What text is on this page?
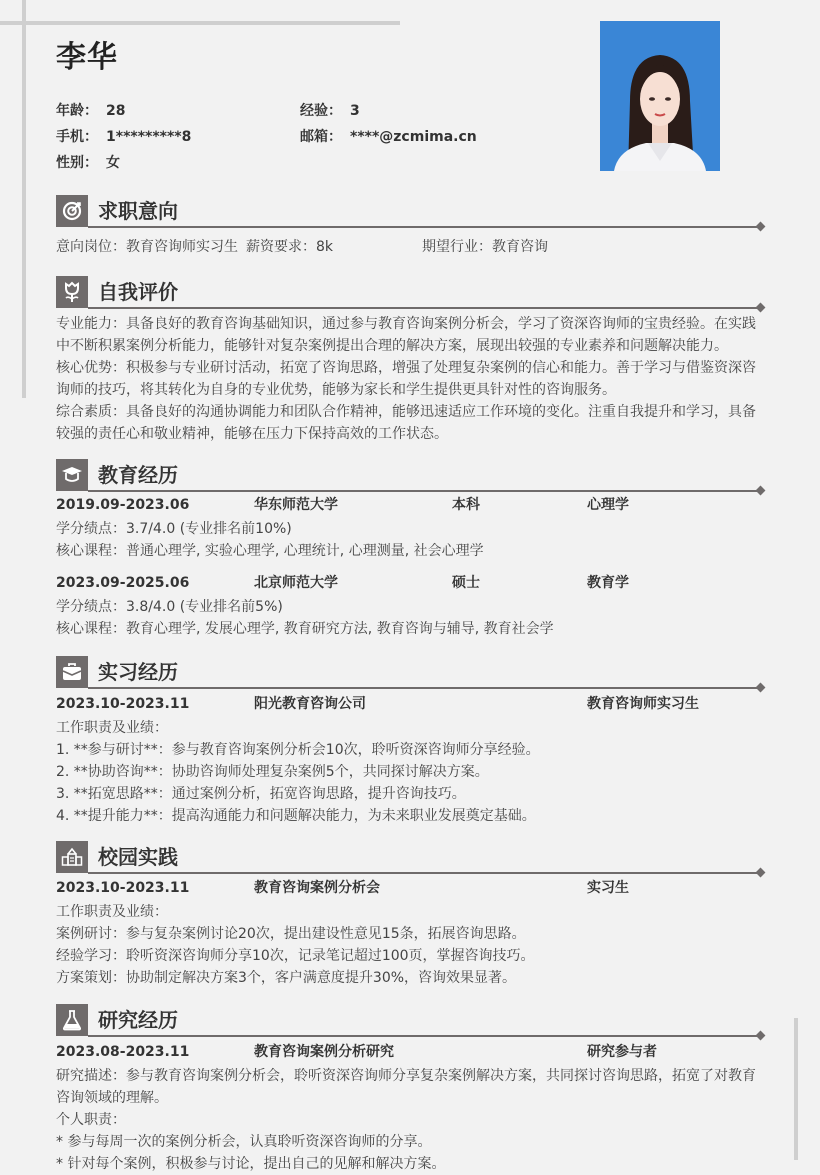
李华
年龄： 28	经验： 3
手机： 1*********8	邮箱： ****@zcmima.cn
性别： 女
求职意向
意向岗位：教育咨询师实习生 薪资要求：8k	期望行业：教育咨询
自我评价

专业能力：具备良好的教育咨询基础知识，通过参与教育咨询案例分析会，学习了资深咨询师的宝贵经验。在实践

中不断积累案例分析能力，能够针对复杂案例提出合理的解决方案，展现出较强的专业素养和问题解决能力。

核心优势：积极参与专业研讨活动，拓宽了咨询思路，增强了处理复杂案例的信心和能力。善于学习与借鉴资深咨

询师的技巧，将其转化为自身的专业优势，能够为家长和学生提供更具针对性的咨询服务。

综合素质：具备良好的沟通协调能力和团队合作精神，能够迅速适应工作环境的变化。注重自我提升和学习，具备

较强的责任心和敬业精神，能够在压力下保持高效的工作状态。

教育经历
2019.09-2023.06	华东师范大学	本科	心理学

学分绩点：3.7/4.0 (专业排名前10%)

核心课程：普通心理学, 实验心理学, 心理统计, 心理测量, 社会心理学

2023.09-2025.06	北京师范大学	硕士	教育学

学分绩点：3.8/4.0 (专业排名前5%)

核心课程：教育心理学, 发展心理学, 教育研究方法, 教育咨询与辅导, 教育社会学

实习经历
2023.10-2023.11	阳光教育咨询公司	教育咨询师实习生

工作职责及业绩：

1. **参与研讨**：参与教育咨询案例分析会10次，聆听资深咨询师分享经验。

2. **协助咨询**：协助咨询师处理复杂案例5个，共同探讨解决方案。

3. **拓宽思路**：通过案例分析，拓宽咨询思路，提升咨询技巧。

4. **提升能力**：提高沟通能力和问题解决能力，为未来职业发展奠定基础。

校园实践
2023.10-2023.11	教育咨询案例分析会	实习生

工作职责及业绩：

案例研讨：参与复杂案例讨论20次，提出建设性意见15条，拓展咨询思路。

经验学习：聆听资深咨询师分享10次，记录笔记超过100页，掌握咨询技巧。

方案策划：协助制定解决方案3个，客户满意度提升30%，咨询效果显著。

研究经历
2023.08-2023.11	教育咨询案例分析研究	研究参与者

研究描述：参与教育咨询案例分析会，聆听资深咨询师分享复杂案例解决方案，共同探讨咨询思路，拓宽了对教育

咨询领域的理解。

个人职责：

* 参与每周一次的案例分析会，认真聆听资深咨询师的分享。

* 针对每个案例，积极参与讨论，提出自己的见解和解决方案。
